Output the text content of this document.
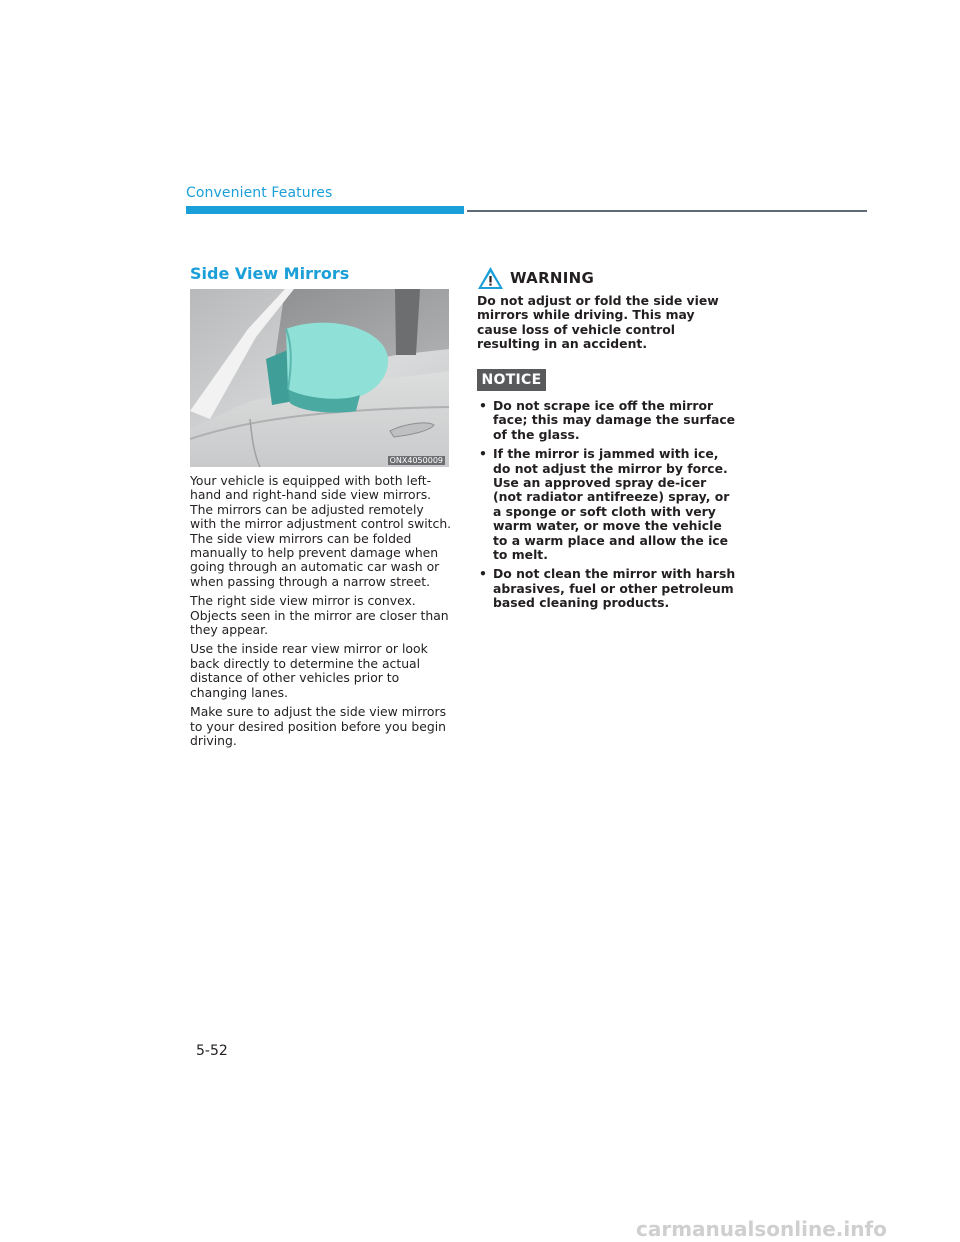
Convenient Features
Side View Mirrors
ONX4050009

Your vehicle is equipped with both left-hand and right-hand side view mirrors. The mirrors can be adjusted remotely with the mirror adjustment control switch. The side view mirrors can be folded manually to help prevent damage when going through an automatic car wash or when passing through a narrow street.

The right side view mirror is convex. Objects seen in the mirror are closer than they appear.

Use the inside rear view mirror or look back directly to determine the actual distance of other vehicles prior to changing lanes.

Make sure to adjust the side view mirrors to your desired position before you begin driving.

WARNING

Do not adjust or fold the side view mirrors while driving. This may cause loss of vehicle control resulting in an accident.

NOTICE
• Do not scrape ice off the mirror face; this may damage the surface of the glass.
• If the mirror is jammed with ice, do not adjust the mirror by force. Use an approved spray de-icer (not radiator antifreeze) spray, or a sponge or soft cloth with very warm water, or move the vehicle to a warm place and allow the ice to melt.
• Do not clean the mirror with harsh abrasives, fuel or other petroleum based cleaning products.
5-52
carmanualsonline.info
